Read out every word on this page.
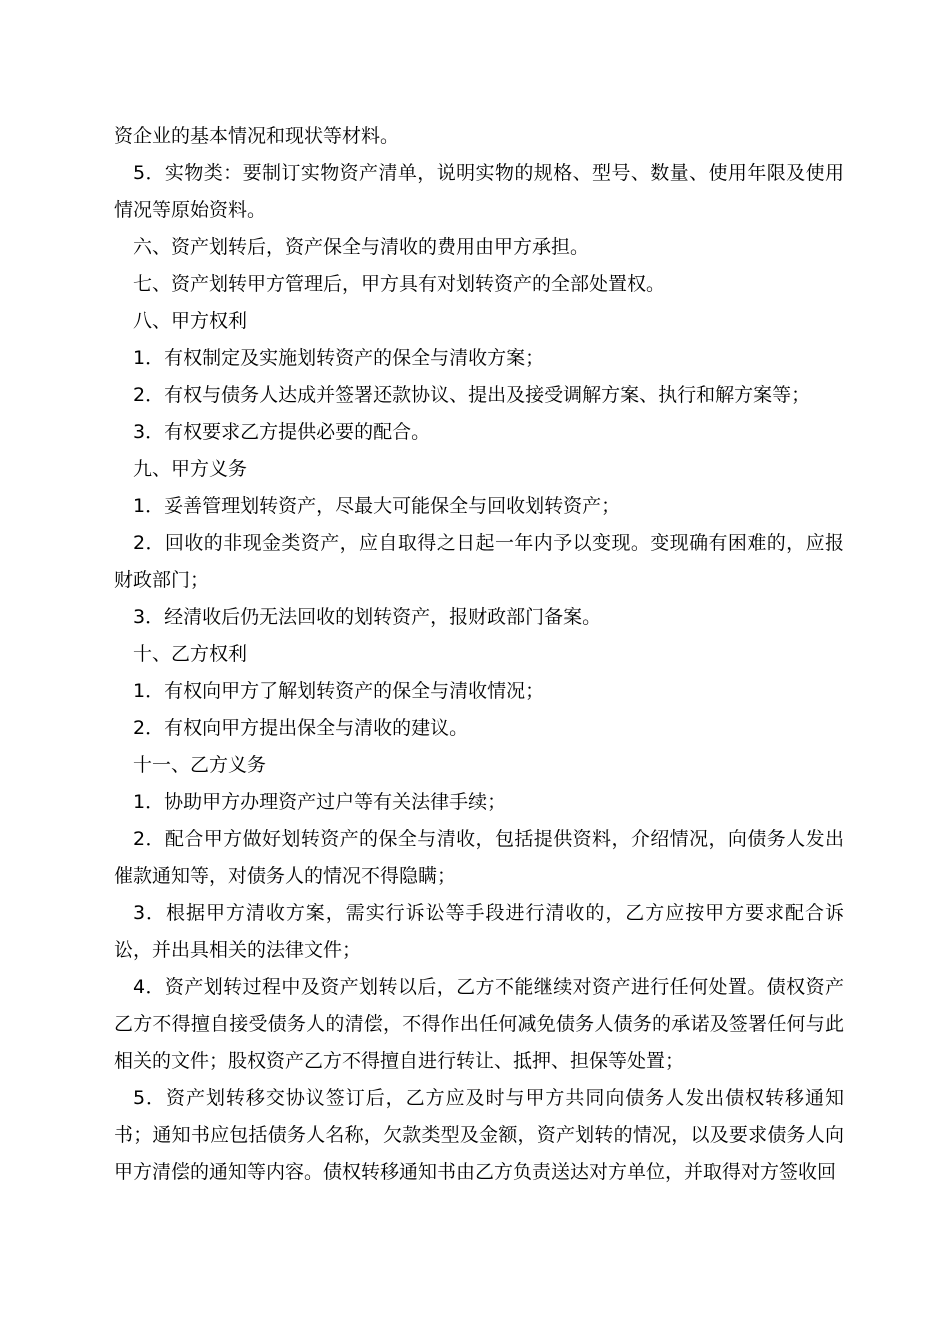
资企业的基本情况和现状等材料。

5．实物类：要制订实物资产清单，说明实物的规格、型号、数量、使用年限及使用情况等原始资料。

六、资产划转后，资产保全与清收的费用由甲方承担。

七、资产划转甲方管理后，甲方具有对划转资产的全部处置权。

八、甲方权利

1．有权制定及实施划转资产的保全与清收方案；

2．有权与债务人达成并签署还款协议、提出及接受调解方案、执行和解方案等；

3．有权要求乙方提供必要的配合。

九、甲方义务

1．妥善管理划转资产，尽最大可能保全与回收划转资产；

2．回收的非现金类资产，应自取得之日起一年内予以变现。变现确有困难的，应报财政部门；

3．经清收后仍无法回收的划转资产，报财政部门备案。

十、乙方权利

1．有权向甲方了解划转资产的保全与清收情况；

2．有权向甲方提出保全与清收的建议。

十一、乙方义务

1．协助甲方办理资产过户等有关法律手续；

2．配合甲方做好划转资产的保全与清收，包括提供资料，介绍情况，向债务人发出催款通知等，对债务人的情况不得隐瞒；

3．根据甲方清收方案，需实行诉讼等手段进行清收的，乙方应按甲方要求配合诉讼，并出具相关的法律文件；

4．资产划转过程中及资产划转以后，乙方不能继续对资产进行任何处置。债权资产乙方不得擅自接受债务人的清偿，不得作出任何减免债务人债务的承诺及签署任何与此相关的文件；股权资产乙方不得擅自进行转让、抵押、担保等处置；

5．资产划转移交协议签订后，乙方应及时与甲方共同向债务人发出债权转移通知书；通知书应包括债务人名称，欠款类型及金额，资产划转的情况，以及要求债务人向甲方清偿的通知等内容。债权转移通知书由乙方负责送达对方单位，并取得对方签收回
